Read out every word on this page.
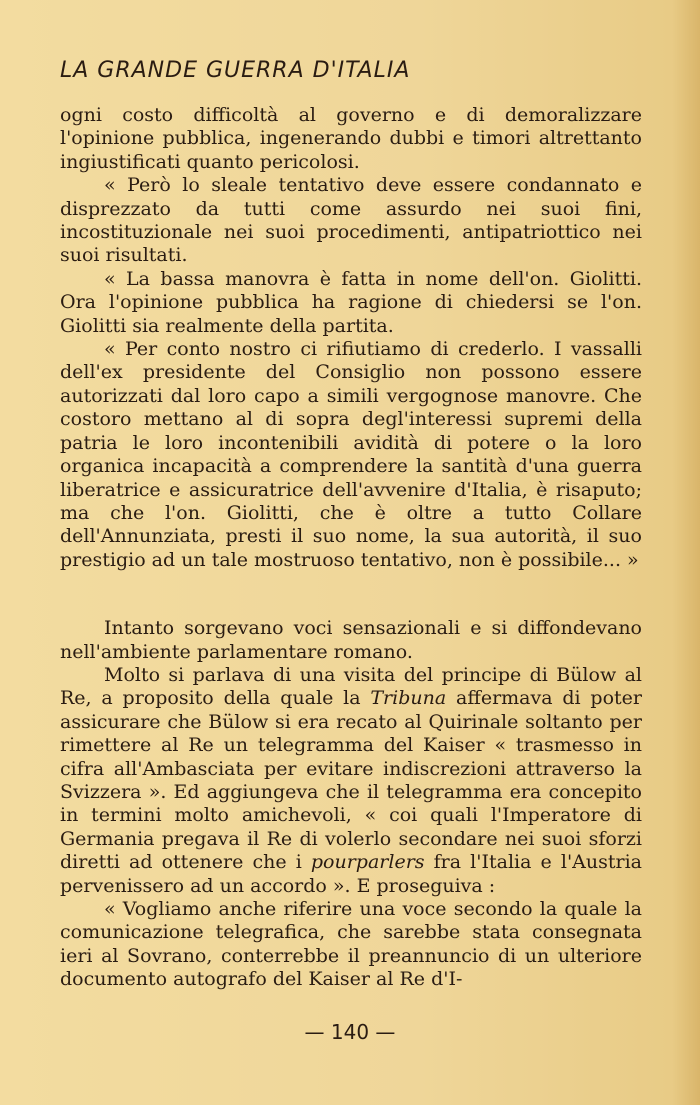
LA GRANDE GUERRA D'ITALIA

ogni costo difficoltà al governo e di demoralizzare l'opinione pubblica, ingenerando dubbi e timori altrettanto ingiustificati quanto pericolosi.

« Però lo sleale tentativo deve essere condannato e disprezzato da tutti come assurdo nei suoi fini, incostituzionale nei suoi procedimenti, antipatriottico nei suoi risultati.

« La bassa manovra è fatta in nome dell'on. Giolitti. Ora l'opinione pubblica ha ragione di chiedersi se l'on. Giolitti sia realmente della partita.

« Per conto nostro ci rifiutiamo di crederlo. I vassalli dell'ex presidente del Consiglio non possono essere autorizzati dal loro capo a simili vergognose manovre. Che costoro mettano al di sopra degl'interessi supremi della patria le loro incontenibili avidità di potere o la loro organica incapacità a comprendere la santità d'una guerra liberatrice e assicuratrice dell'avvenire d'Italia, è risaputo; ma che l'on. Giolitti, che è oltre a tutto Collare dell'Annunziata, presti il suo nome, la sua autorità, il suo prestigio ad un tale mostruoso tentativo, non è possibile... »

Intanto sorgevano voci sensazionali e si diffondevano nell'ambiente parlamentare romano.

Molto si parlava di una visita del principe di Bülow al Re, a proposito della quale la Tribuna affermava di poter assicurare che Bülow si era recato al Quirinale soltanto per rimettere al Re un telegramma del Kaiser « trasmesso in cifra all'Ambasciata per evitare indiscrezioni attraverso la Svizzera ». Ed aggiungeva che il telegramma era concepito in termini molto amichevoli, « coi quali l'Imperatore di Germania pregava il Re di volerlo secondare nei suoi sforzi diretti ad ottenere che i pourparlers fra l'Italia e l'Austria pervenissero ad un accordo ». E proseguiva :

« Vogliamo anche riferire una voce secondo la quale la comunicazione telegrafica, che sarebbe stata consegnata ieri al Sovrano, conterrebbe il preannuncio di un ulteriore documento autografo del Kaiser al Re d'I-

— 140 —
